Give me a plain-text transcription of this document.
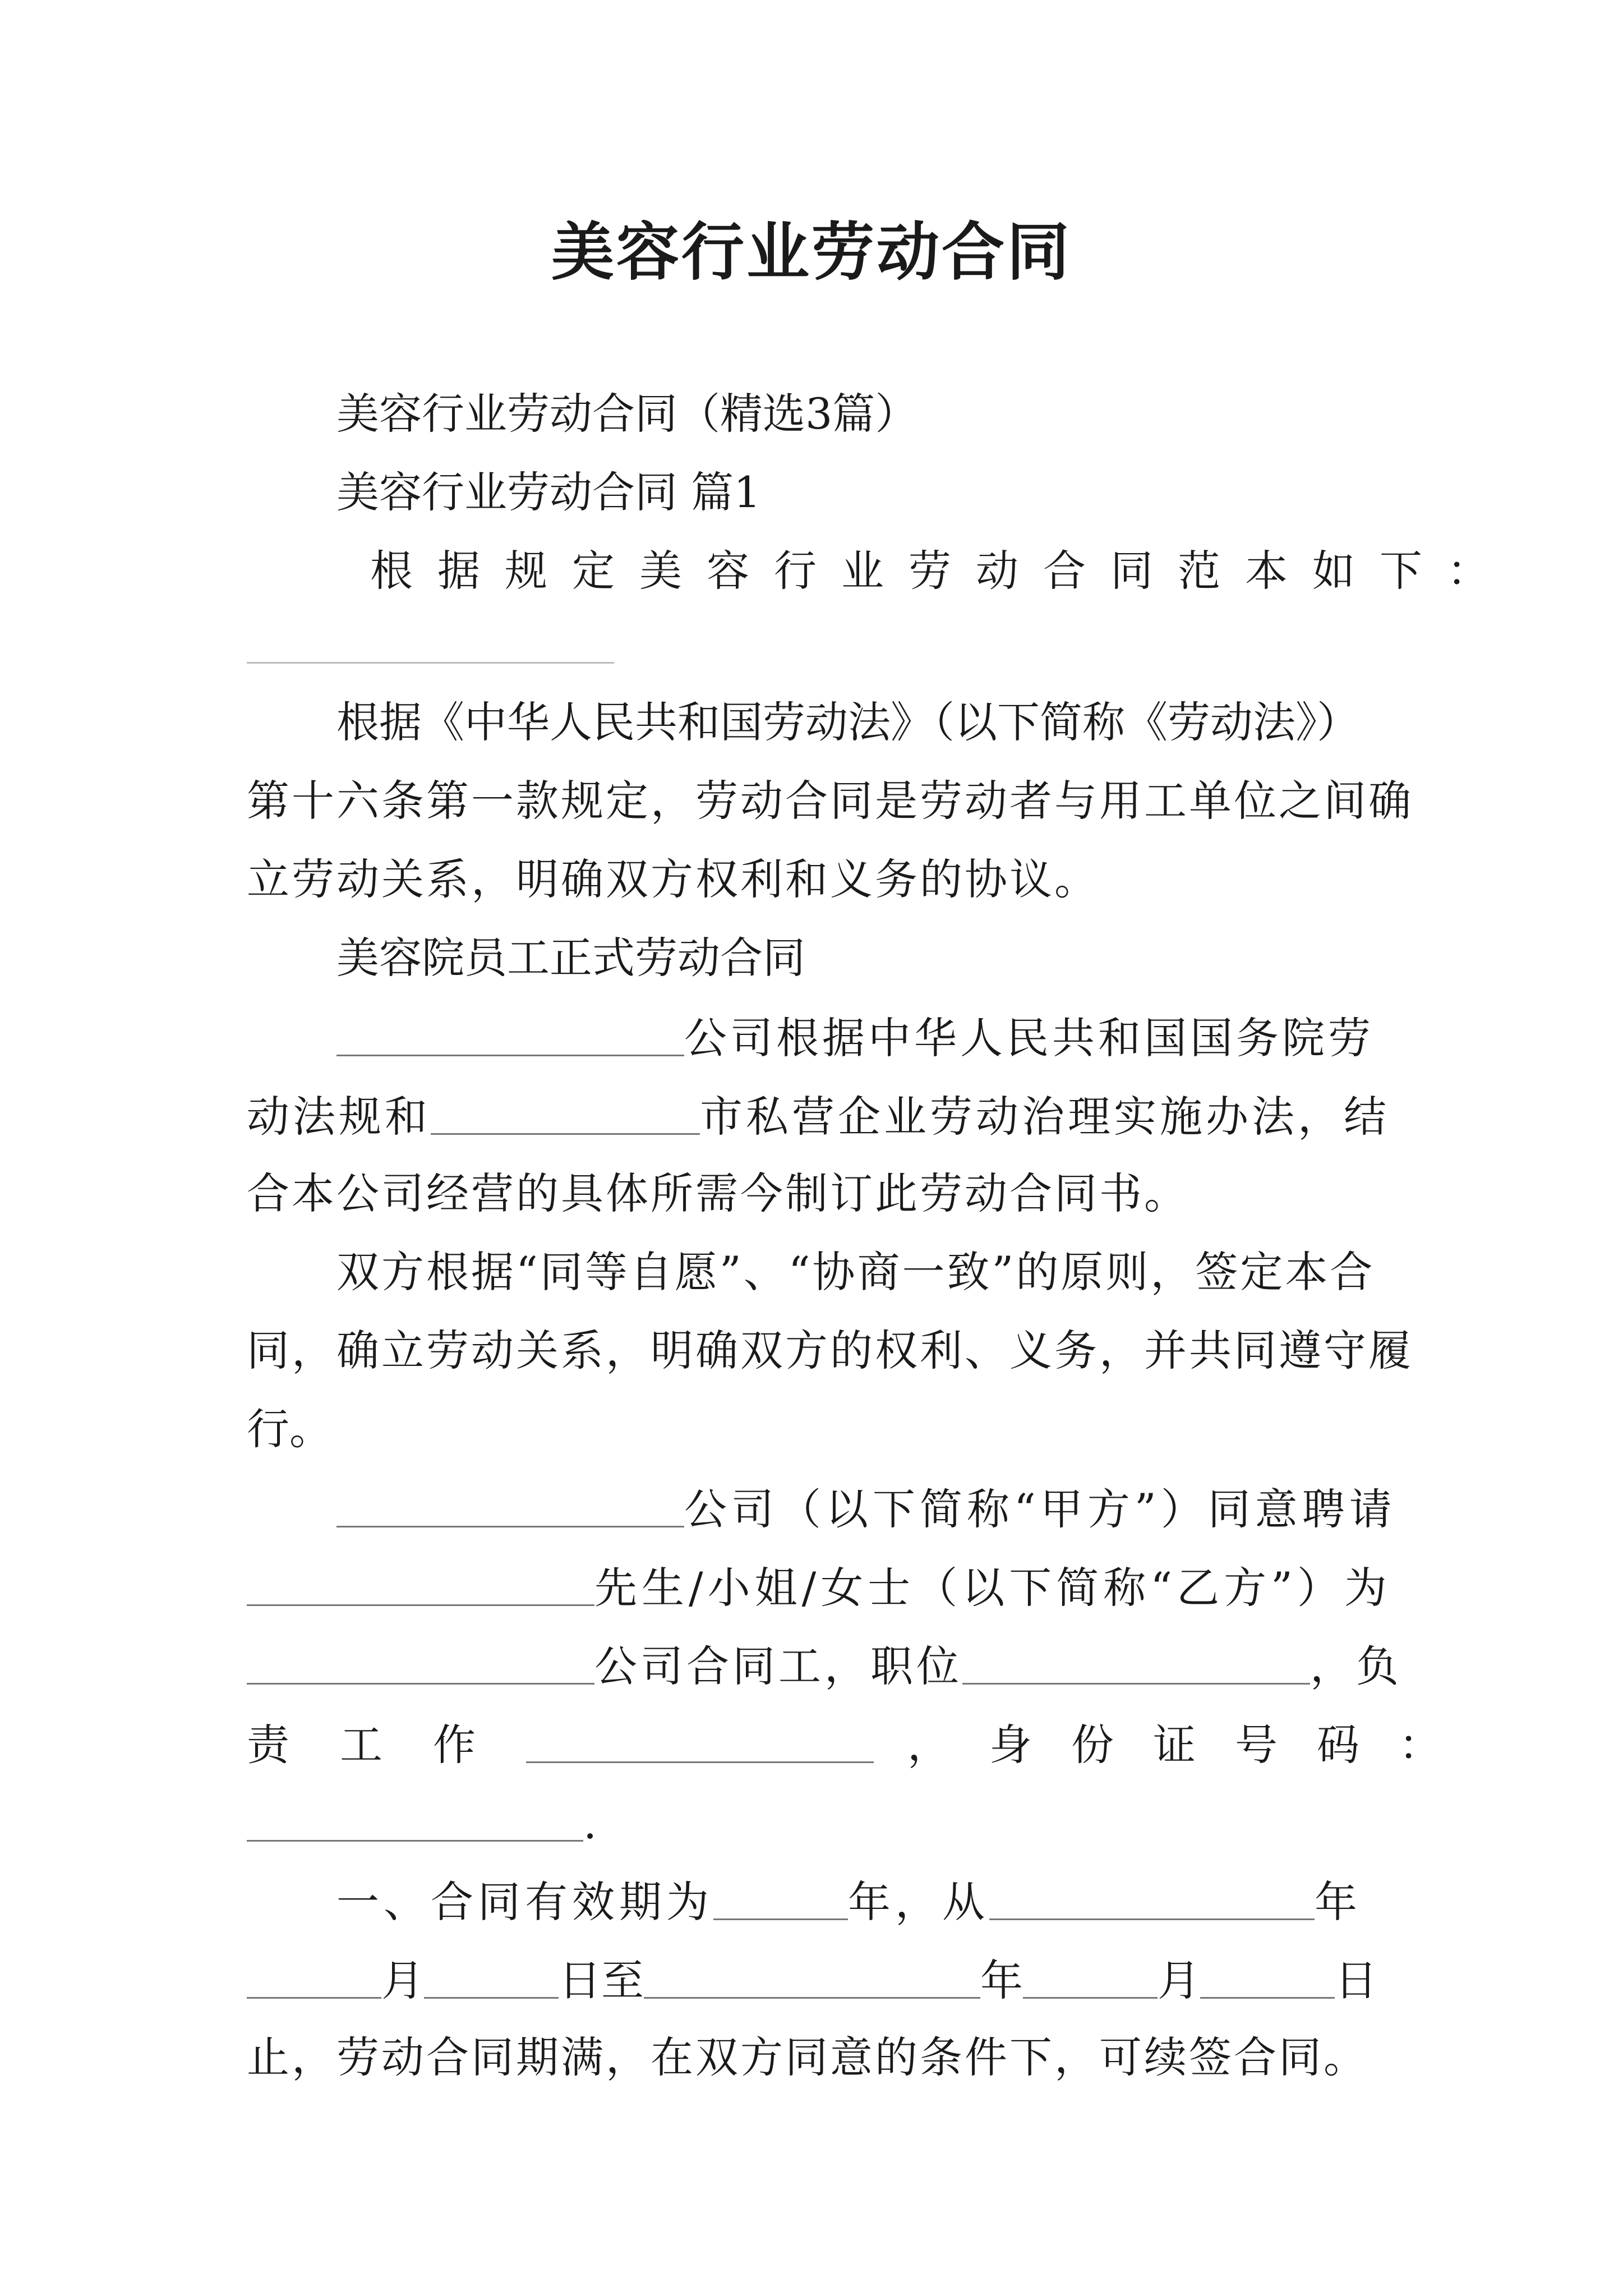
美容行业劳动合同
美容行业劳动合同（精选3篇）
美容行业劳动合同 篇1
根据规定美容行业劳动合同范本如下：
根据《中华人民共和国劳动法》（以下简称《劳动法》）
第十六条第一款规定，劳动合同是劳动者与用工单位之间确
立劳动关系，明确双方权利和义务的协议。
美容院员工正式劳动合同
公司根据中华人民共和国国务院劳
动法规和	市私营企业劳动治理实施办法，结
合本公司经营的具体所需今制订此劳动合同书。
双方根据“同等自愿”、“协商一致”的原则，签定本合
同，确立劳动关系，明确双方的权利、义务，并共同遵守履
行。
公司（以下简称“甲方”）同意聘请
先生/小姐/女士（以下简称“乙方”）为
公司合同工，职位	，负
责工作	，身份证号码：
.
一、合同有效期为	年，从	年
月	日至	年	月	日
止，劳动合同期满，在双方同意的条件下，可续签合同。
